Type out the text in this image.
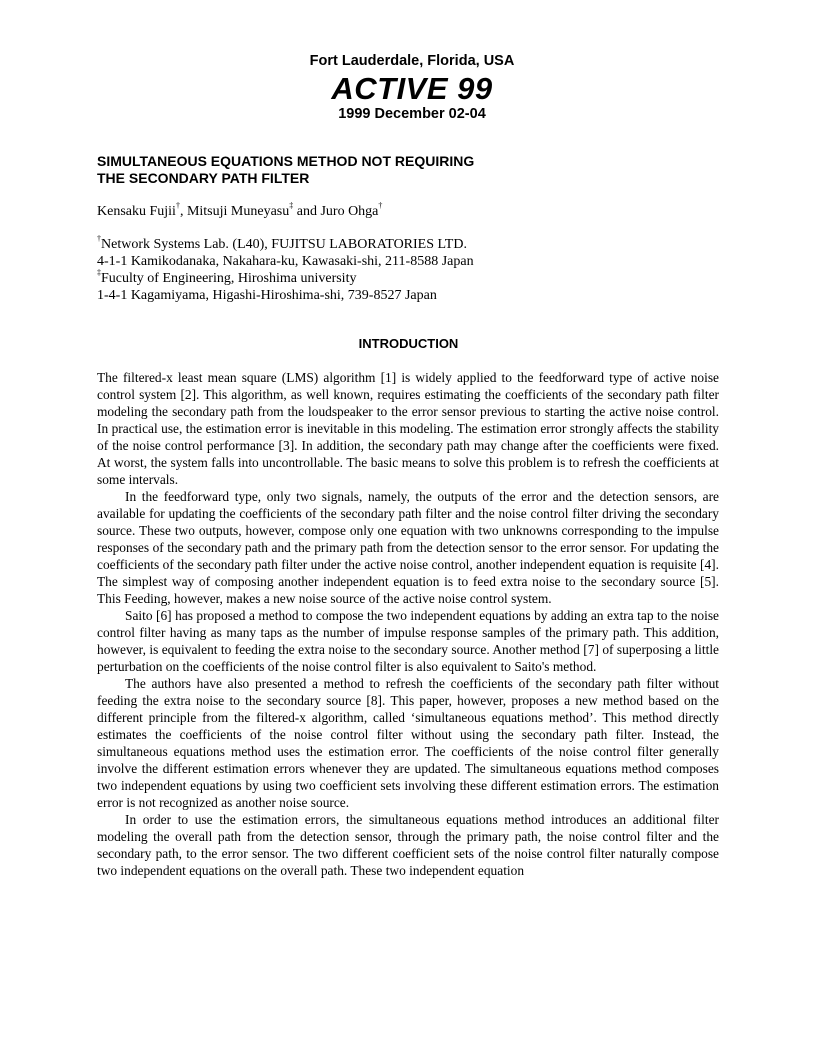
Fort Lauderdale, Florida, USA
ACTIVE 99
1999 December 02-04
SIMULTANEOUS EQUATIONS METHOD NOT REQUIRING
THE SECONDARY PATH FILTER
Kensaku Fujii†, Mitsuji Muneyasu‡ and Juro Ohga†
†Network Systems Lab. (L40), FUJITSU LABORATORIES LTD.
4-1-1 Kamikodanaka, Nakahara-ku, Kawasaki-shi, 211-8588 Japan
‡Fuculty of Engineering, Hiroshima university
1-4-1 Kagamiyama, Higashi-Hiroshima-shi, 739-8527 Japan
INTRODUCTION

The filtered-x least mean square (LMS) algorithm [1] is widely applied to the feedforward type of active noise control system [2]. This algorithm, as well known, requires estimating the coefficients of the secondary path filter modeling the secondary path from the loudspeaker to the error sensor previous to starting the active noise control. In practical use, the estimation error is inevitable in this modeling. The estimation error strongly affects the stability of the noise control performance [3]. In addition, the secondary path may change after the coefficients were fixed. At worst, the system falls into uncontrollable. The basic means to solve this problem is to refresh the coefficients at some intervals.

In the feedforward type, only two signals, namely, the outputs of the error and the detection sensors, are available for updating the coefficients of the secondary path filter and the noise control filter driving the secondary source. These two outputs, however, compose only one equation with two unknowns corresponding to the impulse responses of the secondary path and the primary path from the detection sensor to the error sensor. For updating the coefficients of the secondary path filter under the active noise control, another independent equation is requisite [4]. The simplest way of composing another independent equation is to feed extra noise to the secondary source [5]. This Feeding, however, makes a new noise source of the active noise control system.

Saito [6] has proposed a method to compose the two independent equations by adding an extra tap to the noise control filter having as many taps as the number of impulse response samples of the primary path. This addition, however, is equivalent to feeding the extra noise to the secondary source. Another method [7] of superposing a little perturbation on the coefficients of the noise control filter is also equivalent to Saito's method.

The authors have also presented a method to refresh the coefficients of the secondary path filter without feeding the extra noise to the secondary source [8]. This paper, however, proposes a new method based on the different principle from the filtered-x algorithm, called ‘simultaneous equations method’. This method directly estimates the coefficients of the noise control filter without using the secondary path filter. Instead, the simultaneous equations method uses the estimation error. The coefficients of the noise control filter generally involve the different estimation errors whenever they are updated. The simultaneous equations method composes two independent equations by using two coefficient sets involving these different estimation errors. The estimation error is not recognized as another noise source.

In order to use the estimation errors, the simultaneous equations method introduces an additional filter modeling the overall path from the detection sensor, through the primary path, the noise control filter and the secondary path, to the error sensor. The two different coefficient sets of the noise control filter naturally compose two independent equations on the overall path. These two independent equation
